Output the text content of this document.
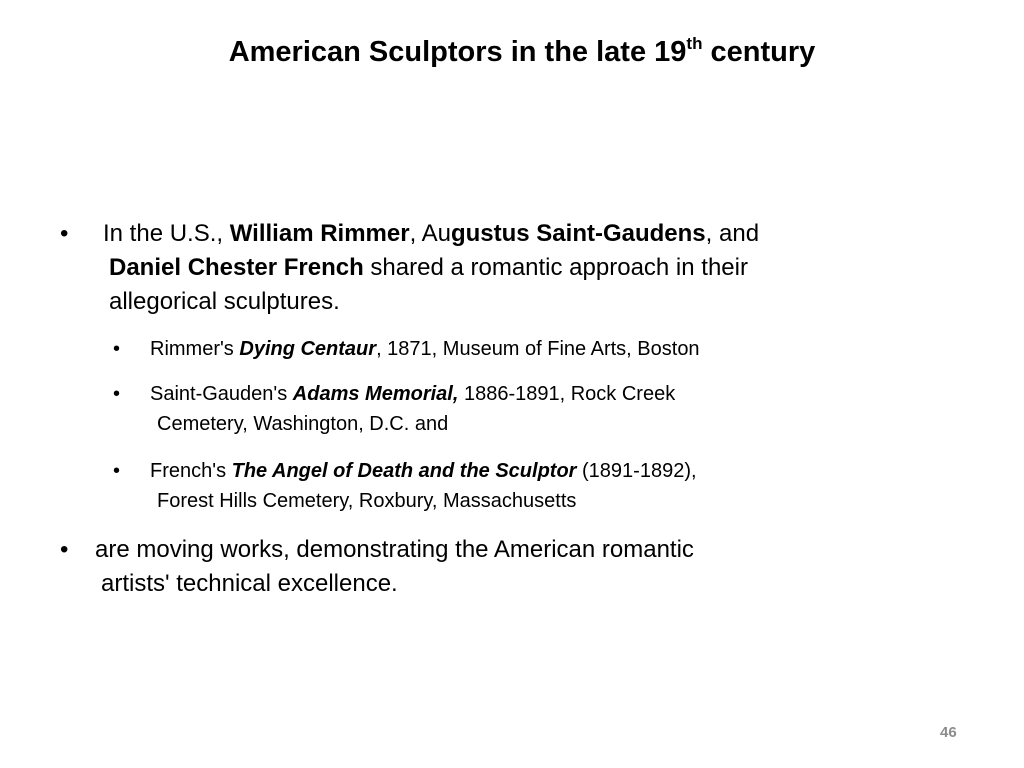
American Sculptors in the late 19th century
• In the U.S., William Rimmer, Augustus Saint-Gaudens, and
Daniel Chester French shared a romantic approach in their
allegorical sculptures.
• Rimmer's Dying Centaur, 1871, Museum of Fine Arts, Boston
• Saint-Gauden's Adams Memorial, 1886-1891, Rock Creek
Cemetery, Washington, D.C. and
• French's The Angel of Death and the Sculptor (1891-1892),
Forest Hills Cemetery, Roxbury, Massachusetts
• are moving works, demonstrating the American romantic
artists' technical excellence.
46
